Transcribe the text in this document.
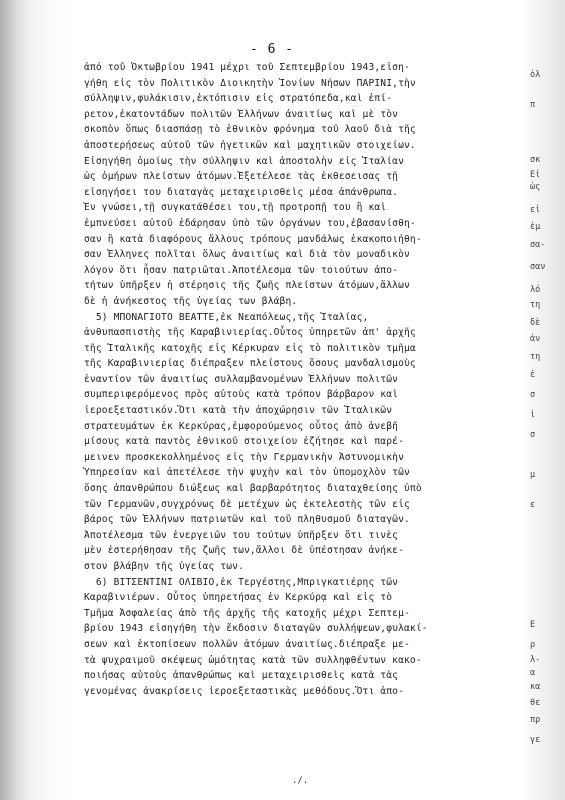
- 6 -
ἀπό τοῦ Ὀκτωβρίου 1941 μέχρι τοῦ Σεπτεμβρίου 1943,εἰση-
γήθη εἰς τὸν Πολιτικὸν Διοικητὴν Ἰονίων Νήσων ΠΑΡΙΝΙ,τὴν
σύλληψιν,φυλάκισιν,ἐκτόπισιν εἰς στρατόπεδα,καὶ ἐπί-
ρετον,ἑκατοντάδων πολιτῶν Ἑλλήνων ἀναιτίως καὶ μὲ τὸν
σκοπὸν ὅπως διασπάσῃ τὸ ἐθνικὸν φρόνημα τοῦ λαοῦ διὰ τῆς
ἀποστερήσεως αὐτοῦ τῶν ἡγετικῶν καὶ μαχητικῶν στοιχείων.
Εἰσηγήθη ὁμοίως τὴν σύλληψιν καὶ ἀποστολὴν εἰς Ἰταλίαν
ὡς ὁμήρων πλείστων ἀτόμων.Ἐξετέλεσε τὰς ἐκθεσεισας τῇ
εἰσηγήσει του διαταγὰς μεταχειρισθεὶς μέσα ἀπάνθρωπα.
Ἐν γνώσει,τῇ συγκατάθέσει του,τῇ προτροπῇ του ἢ καὶ
ἐμπνεύσει αὐτοῦ ἐδάρησαν ὑπὸ τῶν ὀργάνων του,ἐβασανίσθη-
σαν ἢ κατὰ διαφόρους ἄλλους τρόπους μανδάλως ἐκακοποιήθη-
σαν Ἑλληνες πολῖται ὅλως ἀναιτίως καὶ διὰ τὸν μοναδικὸν
λόγον ὅτι ἦσαν πατριῶται.Ἀποτέλεσμα τῶν τοιούτων ἀπο-
τήτων ὑπῆρξεν ἡ στέρησις τῆς ζωῆς πλείστων ἀτόμων,ἄλλων
δὲ ἡ ἀνήκεστος τῆς ὑγείας των βλάβη.
5) ΜΠΟΝΑΓΙΟΤΟ ΒΕΑΤΤΕ,ἐκ Νεαπόλεως,τῆς Ἰταλίας,
ἀνθυπασπιστὴς τῆς Καραβινιερίας.Οὗτος ὑπηρετῶν ἀπ' ἀρχῆς
τῆς Ἰταλικῆς κατοχῆς εἰς Κέρκυραν εἰς τὸ πολιτικὸν τμῆμα
τῆς Καραβινιερίας διέπραξεν πλείστους ὅσους μανδαλισμοὺς
ἐναντίον τῶν ἀναιτίως συλλαμβανομένων Ἑλλήνων πολιτῶν
συμπεριφερόμενος πρὸς αὐτοὺς κατὰ τρόπον βάρβαρον καὶ
ἱεροεξεταστικόν.Ὅτι κατὰ τὴν ἀποχώρησιν τῶν Ἰταλικῶν
στρατευμάτων ἐκ Κερκύρας,ἐμφορούμενος οὗτος ἀπὸ ἀνεβῆ
μίσους κατὰ παντὸς ἐθνικοῦ στοιχείου ἐζήτησε καὶ παρέ-
μεινεν προσκεκολλημένος εἰς τὴν Γερμανικὴν Ἀστυνομικὴν
Ὑπηρεσίαν καὶ ἀπετέλεσε τὴν ψυχὴν καὶ τὸν ὑπομοχλὸν τῶν
ὅσης ἀπανθρώπου διώξεως καὶ βαρβαρότητος διαταχθείσης ὑπὸ
τῶν Γερμανῶν,συγχρόνως δὲ μετέχων ὡς ἐκτελεστὴς τῶν εἰς
βάρος τῶν Ἑλλήνων πατριωτῶν καὶ τοῦ πληθυσμοῦ διαταγῶν.
Ἀποτέλεσμα τῶν ἐνεργειῶν του τούτων ὑπῆρξεν ὅτι τινὲς
μὲν ἐστερήθησαν τῆς ζωῆς των,ἄλλοι δὲ ὑπέστησαν ἀνήκε-
στον βλάβην τῆς ὑγείας των.
6) ΒΙΤΣΕΝΤΙΝΙ ΟΛΙΒΙΟ,ἐκ Τεργέστης,Μπριγκατιέρης τῶν
Καραβινιέρων. Οὗτος ὑπηρετήσας ἐν Κερκύρᾳ καὶ εἰς τὸ
Τμῆμα Ἀσφαλείας ἀπὸ τῆς ἀρχῆς τῆς κατοχῆς μέχρι Σεπτεμ-
βρίου 1943 εἰσηγήθη τὴν ἔκδοσιν διαταγῶν συλλήψεων,φυλακί-
σεων καὶ ἐκτοπίσεων πολλῶν ἀτόμων ἀναιτίως.διέπραξε με-
τὰ ψυχραιμοῦ σκέψεως ὠμότητας κατὰ τῶν συλληφθέντων κακο-
ποιήσας αὐτοὺς ἀπανθρώπως καὶ μεταχειρισθεὶς κατὰ τὰς
γενομένας ἀνακρίσεις ἱεροεξεταστικὰς μεθόδους.Ὅτι ἀπο-
ὁλ
π
σκ
Εἰ
ὡς
εἰ
ἐμ
σα-
σαν
λό
τη
δὲ
ἀν
τη
ἐ
σ
ἱ
σ
μ
ε
Ε
ρ
λ-
α
κα
θε
πρ
γε
./.
